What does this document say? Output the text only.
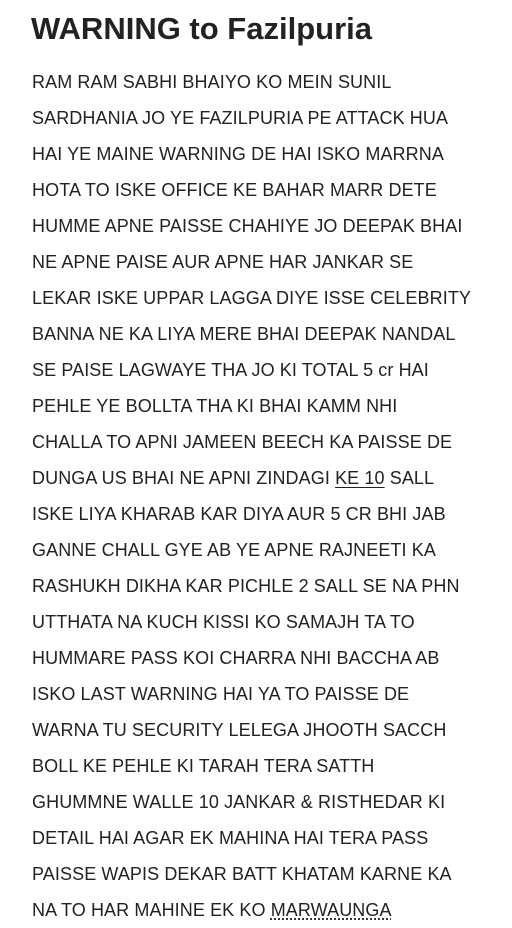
WARNING to Fazilpuria
RAM RAM SABHI BHAIYO KO MEIN SUNIL
SARDHANIA JO YE FAZILPURIA PE ATTACK HUA
HAI YE MAINE WARNING DE HAI ISKO MARRNA
HOTA TO ISKE OFFICE KE BAHAR MARR DETE
HUMME APNE PAISSE CHAHIYE JO DEEPAK BHAI
NE APNE PAISE AUR APNE HAR JANKAR SE
LEKAR ISKE UPPAR LAGGA DIYE ISSE CELEBRITY
BANNA NE KA LIYA MERE BHAI DEEPAK NANDAL
SE PAISE LAGWAYE THA JO KI TOTAL 5 cr HAI
PEHLE YE BOLLTA THA KI BHAI KAMM NHI
CHALLA TO APNI JAMEEN BEECH KA PAISSE DE
DUNGA US BHAI NE APNI ZINDAGI KE 10 SALL
ISKE LIYA KHARAB KAR DIYA AUR 5 CR BHI JAB
GANNE CHALL GYE AB YE APNE RAJNEETI KA
RASHUKH DIKHA KAR PICHLE 2 SALL SE NA PHN
UTTHATA NA KUCH KISSI KO SAMAJH TA TO
HUMMARE PASS KOI CHARRA NHI BACCHA AB
ISKO LAST WARNING HAI YA TO PAISSE DE
WARNA TU SECURITY LELEGA JHOOTH SACCH
BOLL KE PEHLE KI TARAH TERA SATTH
GHUMMNE WALLE 10 JANKAR & RISTHEDAR KI
DETAIL HAI AGAR EK MAHINA HAI TERA PASS
PAISSE WAPIS DEKAR BATT KHATAM KARNE KA
NA TO HAR MAHINE EK KO MARWAUNGA
